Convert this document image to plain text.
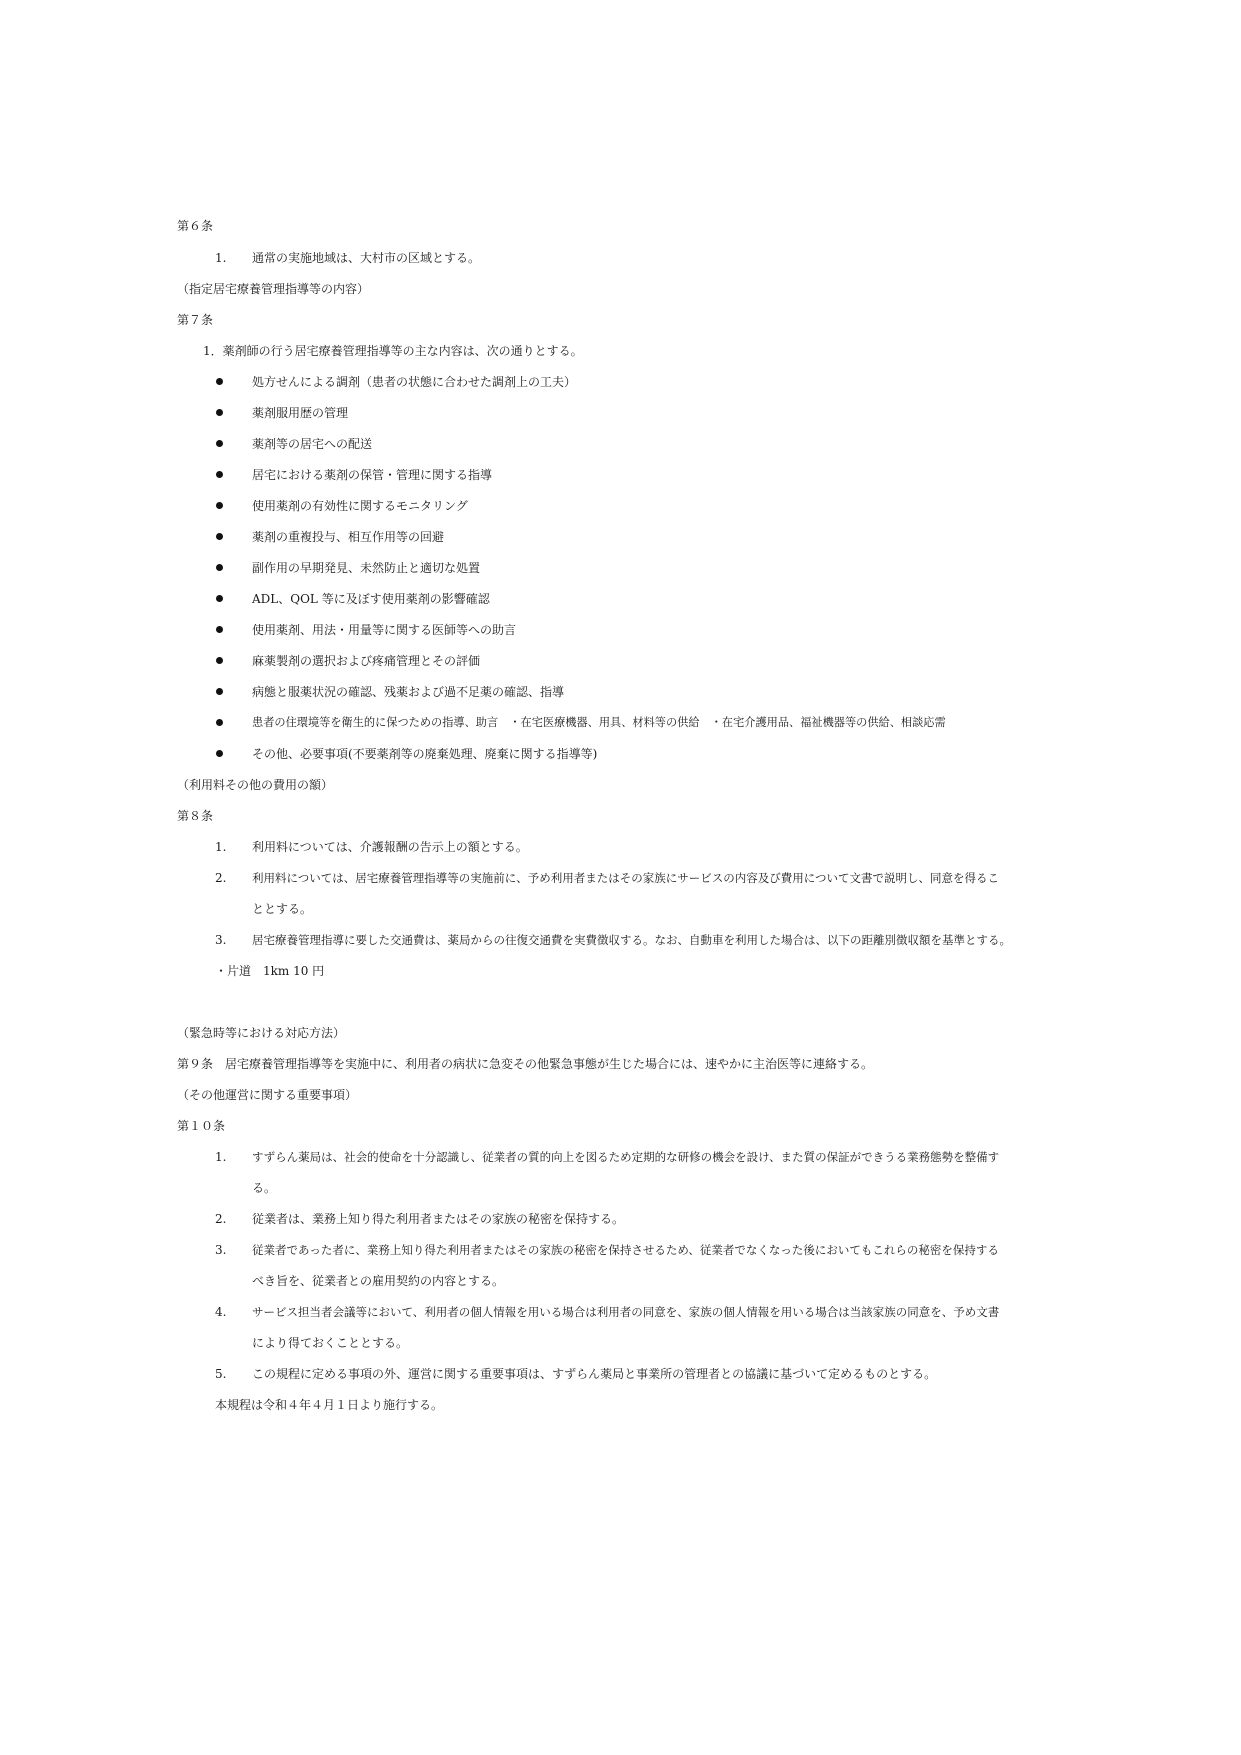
第６条
1. 通常の実施地域は、大村市の区域とする。
（指定居宅療養管理指導等の内容）
第７条
1．薬剤師の行う居宅療養管理指導等の主な内容は、次の通りとする。
処方せんによる調剤（患者の状態に合わせた調剤上の工夫）
薬剤服用歴の管理
薬剤等の居宅への配送
居宅における薬剤の保管・管理に関する指導
使用薬剤の有効性に関するモニタリング
薬剤の重複投与、相互作用等の回避
副作用の早期発見、未然防止と適切な処置
ADL、QOL 等に及ぼす使用薬剤の影響確認
使用薬剤、用法・用量等に関する医師等への助言
麻薬製剤の選択および疼痛管理とその評価
病態と服薬状況の確認、残薬および過不足薬の確認、指導
患者の住環境等を衛生的に保つための指導、助言　・在宅医療機器、用具、材料等の供給　・在宅介護用品、福祉機器等の供給、相談応需
その他、必要事項(不要薬剤等の廃棄処理、廃棄に関する指導等)
（利用料その他の費用の額）
第８条
1. 利用料については、介護報酬の告示上の額とする。
2. 利用料については、居宅療養管理指導等の実施前に、予め利用者またはその家族にサービスの内容及び費用について文書で説明し、同意を得るこ
ととする。
3. 居宅療養管理指導に要した交通費は、薬局からの往復交通費を実費徴収する。なお、自動車を利用した場合は、以下の距離別徴収額を基準とする。
・片道　1km 10 円
（緊急時等における対応方法）
第９条　居宅療養管理指導等を実施中に、利用者の病状に急変その他緊急事態が生じた場合には、速やかに主治医等に連絡する。
（その他運営に関する重要事項）
第１０条
1. すずらん薬局は、社会的使命を十分認識し、従業者の質的向上を図るため定期的な研修の機会を設け、また質の保証ができうる業務態勢を整備す
る。
2. 従業者は、業務上知り得た利用者またはその家族の秘密を保持する。
3. 従業者であった者に、業務上知り得た利用者またはその家族の秘密を保持させるため、従業者でなくなった後においてもこれらの秘密を保持する
べき旨を、従業者との雇用契約の内容とする。
4. サービス担当者会議等において、利用者の個人情報を用いる場合は利用者の同意を、家族の個人情報を用いる場合は当該家族の同意を、予め文書
により得ておくこととする。
5. この規程に定める事項の外、運営に関する重要事項は、すずらん薬局と事業所の管理者との協議に基づいて定めるものとする。
本規程は令和４年４月１日より施行する。
